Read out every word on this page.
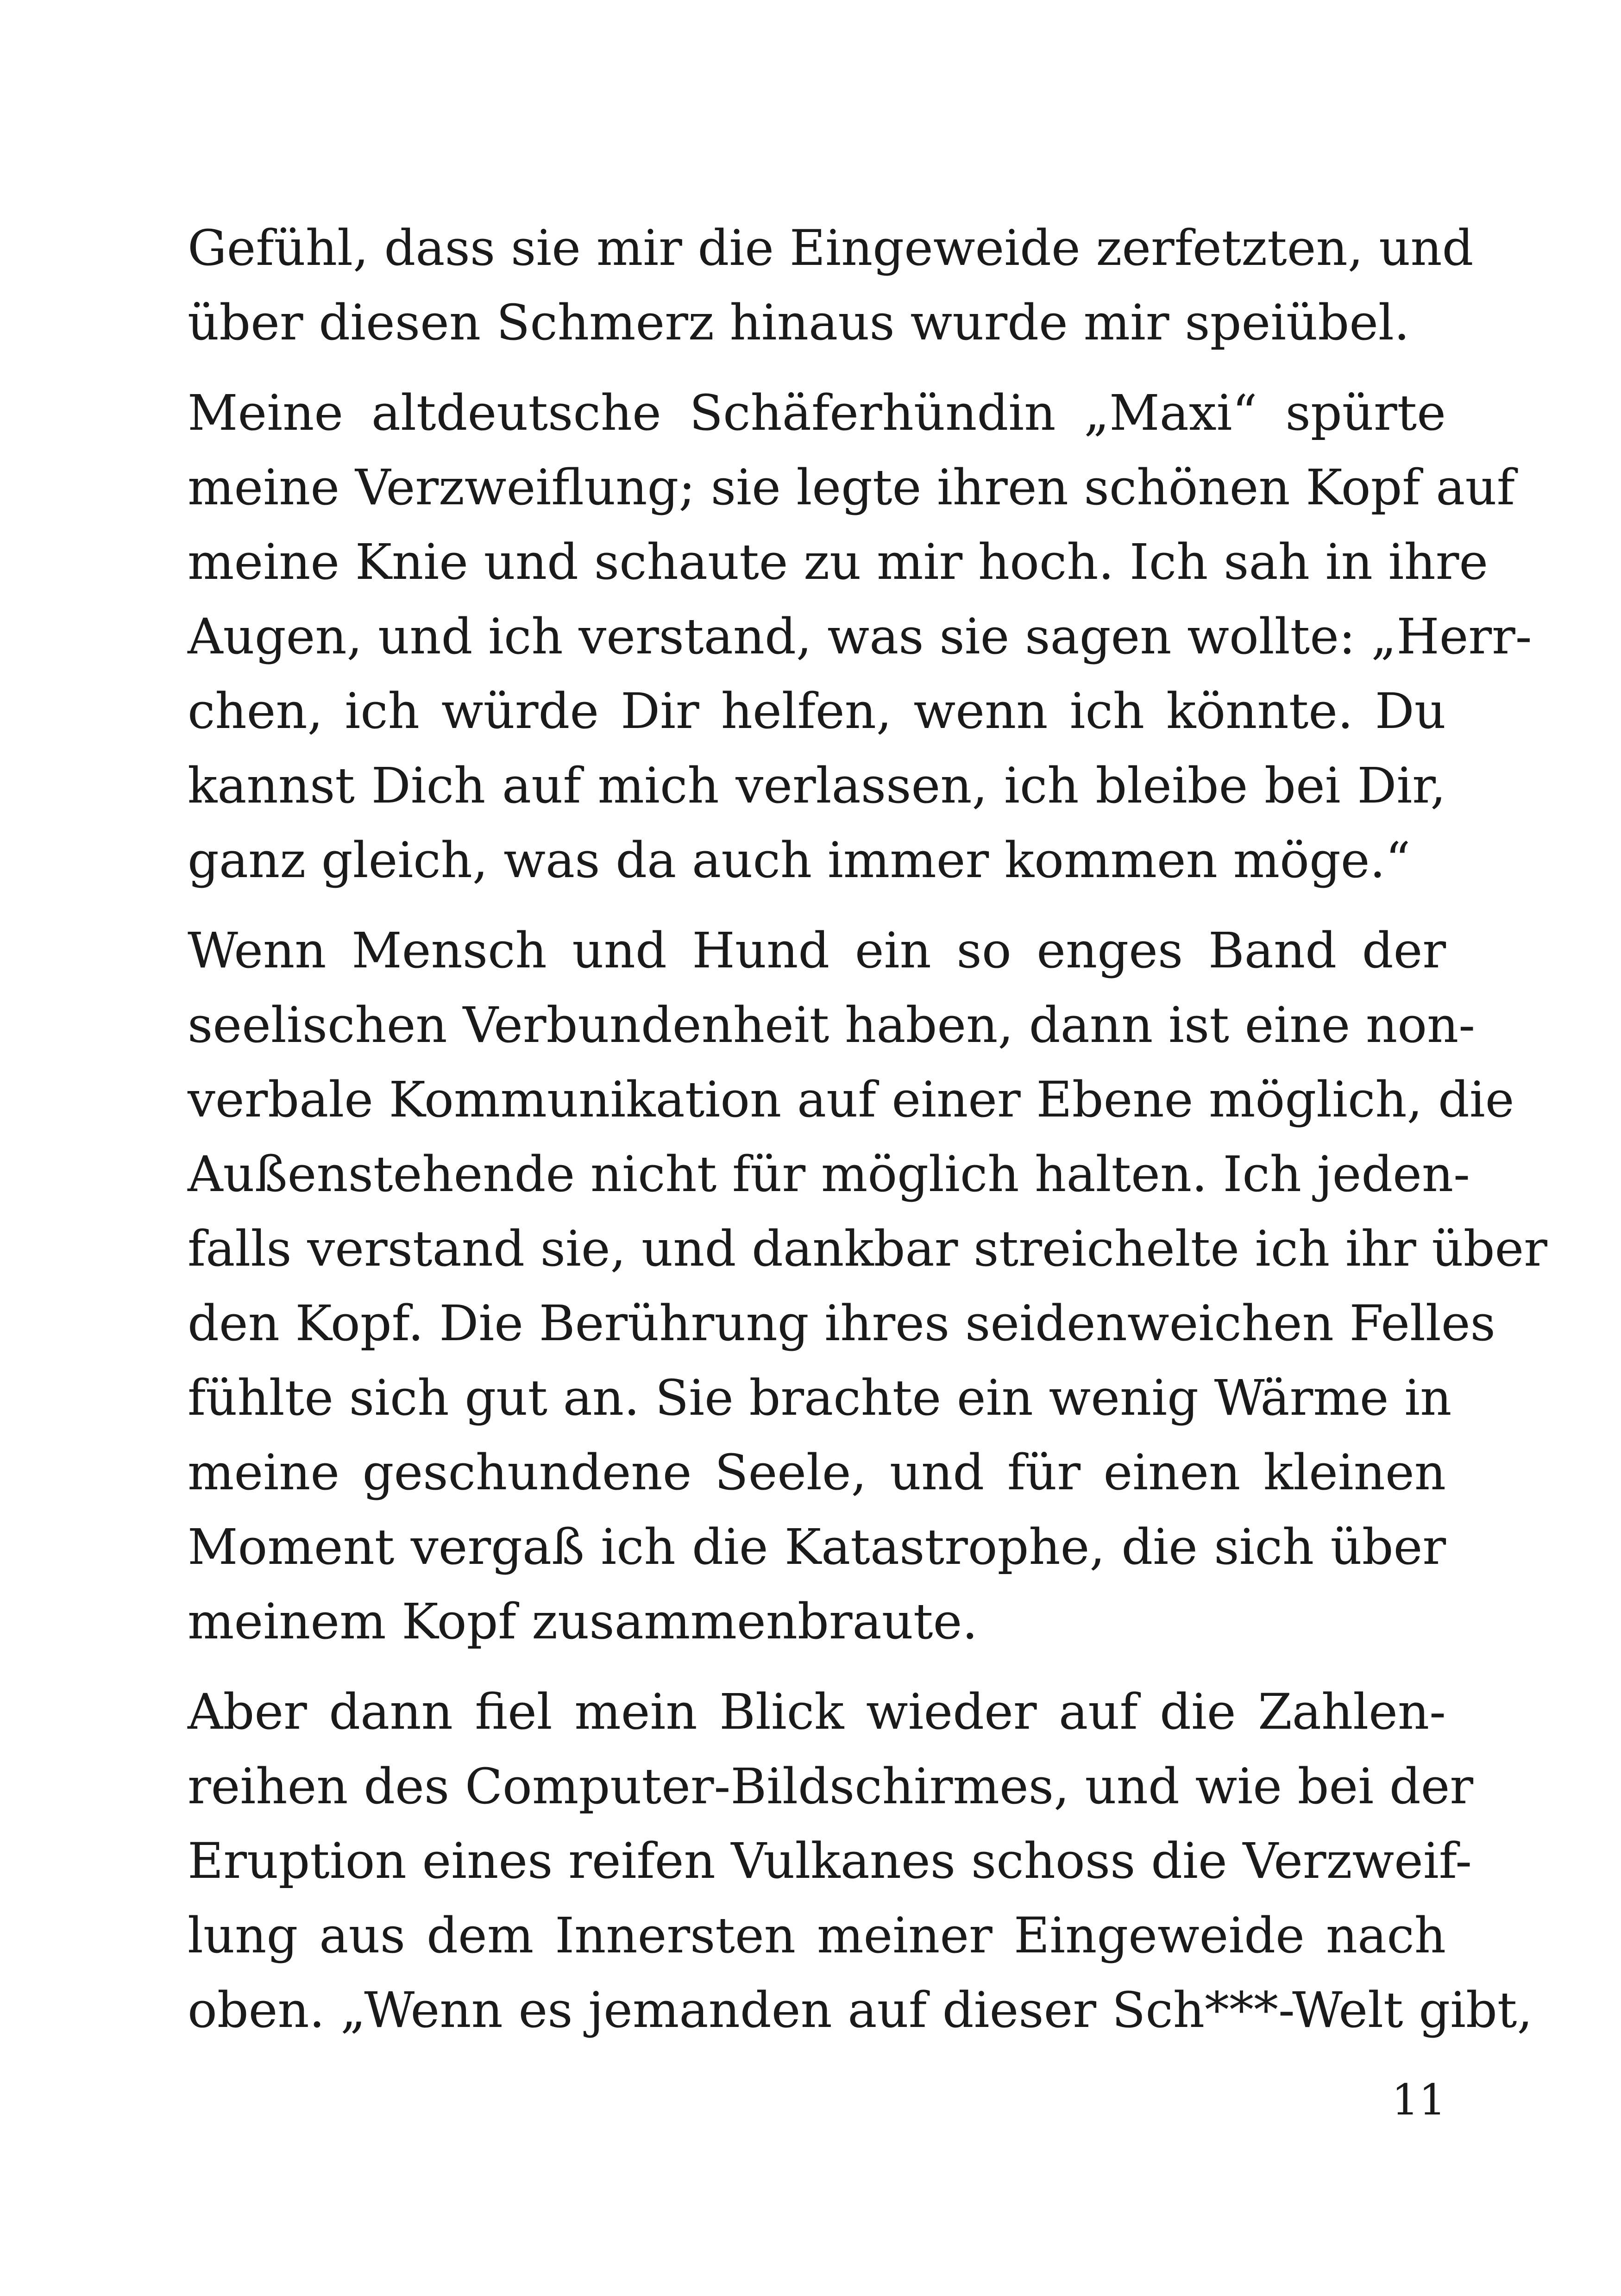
Gefühl, dass sie mir die Eingeweide zerfetzten, und
über diesen Schmerz hinaus wurde mir speiübel.

Meine altdeutsche Schäferhündin „Maxi“ spürte
meine Verzweiflung; sie legte ihren schönen Kopf auf
meine Knie und schaute zu mir hoch. Ich sah in ihre
Augen, und ich verstand, was sie sagen wollte: „Herr-
chen, ich würde Dir helfen, wenn ich könnte. Du
kannst Dich auf mich verlassen, ich bleibe bei Dir,
ganz gleich, was da auch immer kommen möge.“

Wenn Mensch und Hund ein so enges Band der
seelischen Verbundenheit haben, dann ist eine non-
verbale Kommunikation auf einer Ebene möglich, die
Außenstehende nicht für möglich halten. Ich jeden-
falls verstand sie, und dankbar streichelte ich ihr über
den Kopf. Die Berührung ihres seidenweichen Felles
fühlte sich gut an. Sie brachte ein wenig Wärme in
meine geschundene Seele, und für einen kleinen
Moment vergaß ich die Katastrophe, die sich über
meinem Kopf zusammenbraute.

Aber dann fiel mein Blick wieder auf die Zahlen-
reihen des Computer-Bildschirmes, und wie bei der
Eruption eines reifen Vulkanes schoss die Verzweif-
lung aus dem Innersten meiner Eingeweide nach
oben. „Wenn es jemanden auf dieser Sch***-Welt gibt,

11
